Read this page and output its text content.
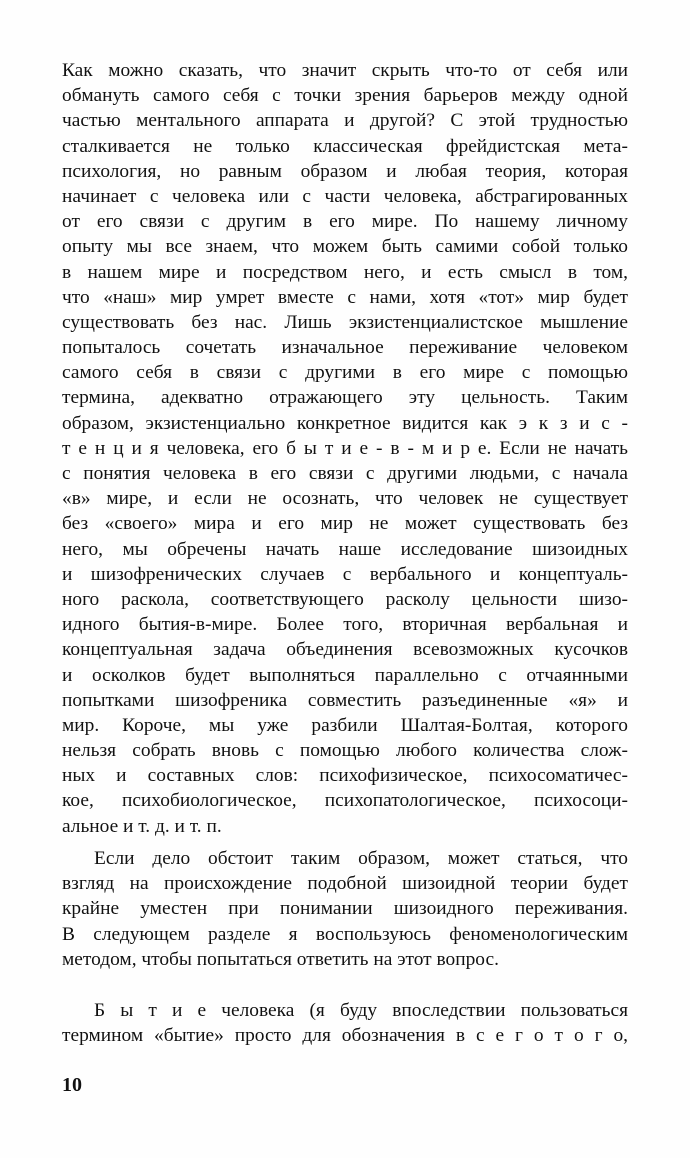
Как можно сказать, что значит скрыть что-то от себя или
обмануть самого себя с точки зрения барьеров между одной
частью ментального аппарата и другой? С этой трудностью
сталкивается не только классическая фрейдистская мета-
психология, но равным образом и любая теория, которая
начинает с человека или с части человека, абстрагированных
от его связи с другим в его мире. По нашему личному
опыту мы все знаем, что можем быть самими собой только
в нашем мире и посредством него, и есть смысл в том,
что «наш» мир умрет вместе с нами, хотя «тот» мир будет
существовать без нас. Лишь экзистенциалистское мышление
попыталось сочетать изначальное переживание человеком
самого себя в связи с другими в его мире с помощью
термина, адекватно отражающего эту цельность. Таким
образом, экзистенциально конкретное видится как э к з и с -
т е н ц и я человека, его б ы т и е - в - м и р е. Если не начать
с понятия человека в его связи с другими людьми, с начала
«в» мире, и если не осознать, что человек не существует
без «своего» мира и его мир не может существовать без
него, мы обречены начать наше исследование шизоидных
и шизофренических случаев с вербального и концептуаль-
ного раскола, соответствующего расколу цельности шизо-
идного бытия-в-мире. Более того, вторичная вербальная и
концептуальная задача объединения всевозможных кусочков
и осколков будет выполняться параллельно с отчаянными
попытками шизофреника совместить разъединенные «я» и
мир. Короче, мы уже разбили Шалтая-Болтая, которого
нельзя собрать вновь с помощью любого количества слож-
ных и составных слов: психофизическое, психосоматичес-
кое, психобиологическое, психопатологическое, психосоци-
альное и т. д. и т. п.
Если дело обстоит таким образом, может статься, что
взгляд на происхождение подобной шизоидной теории будет
крайне уместен при понимании шизоидного переживания.
В следующем разделе я воспользуюсь феноменологическим
методом, чтобы попытаться ответить на этот вопрос.
Б ы т и е человека (я буду впоследствии пользоваться
термином «бытие» просто для обозначения в с е г о т о г о,
10
